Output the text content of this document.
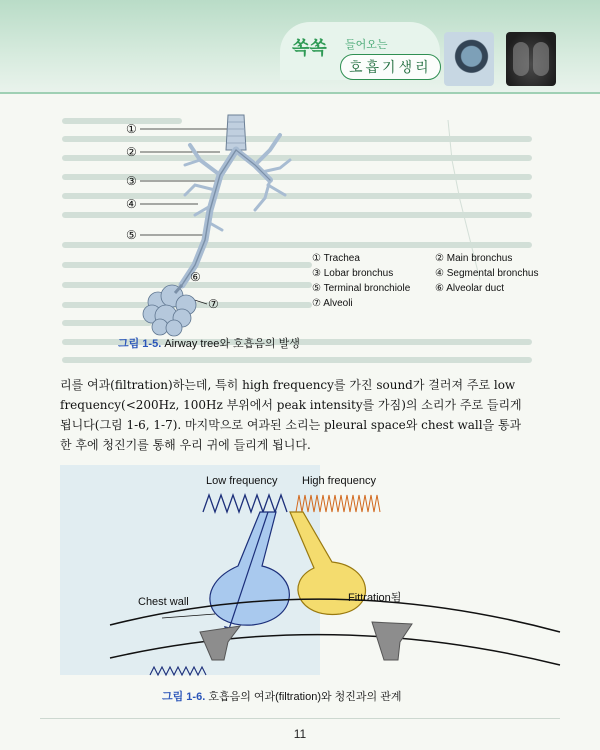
쏙쏙 들어오는
호흡기생리
①
②
③
④
⑤
⑥
⑦
① Trachea	② Main bronchus
③ Lobar bronchus	④ Segmental bronchus
⑤ Terminal bronchiole ⑥ Alveolar duct
⑦ Alveoli
그림 1-5. Airway tree와 호흡음의 발생
리를 여과(filtration)하는데, 특히 high frequency를 가진 sound가 걸러져 주로 low
frequency(<200Hz, 100Hz 부위에서 peak intensity를 가짐)의 소리가 주로 들리게
됩니다(그림 1-6, 1-7). 마지막으로 여과된 소리는 pleural space와 chest wall을 통과
한 후에 청진기를 통해 우리 귀에 들리게 됩니다.
Low frequency High frequency
Fittration됨
Chest wall
그림 1-6. 호흡음의 여과(filtration)와 청진과의 관계
11
